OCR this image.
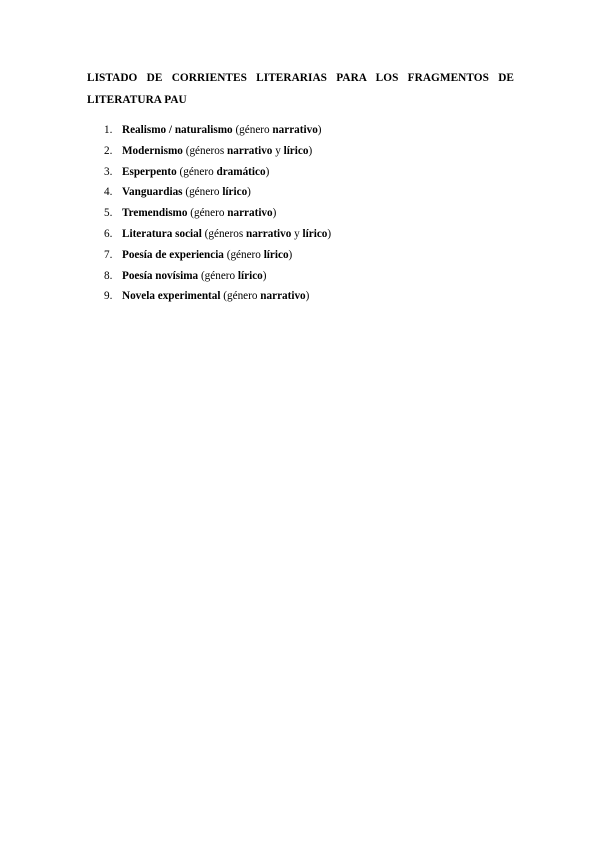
LISTADO DE CORRIENTES LITERARIAS PARA LOS FRAGMENTOS DE LITERATURA PAU

1. Realismo / naturalismo (género narrativo)
2. Modernismo (géneros narrativo y lírico)
3. Esperpento (género dramático)
4. Vanguardias (género lírico)
5. Tremendismo (género narrativo)
6. Literatura social (géneros narrativo y lírico)
7. Poesía de experiencia (género lírico)
8. Poesía novísima (género lírico)
9. Novela experimental (género narrativo)
